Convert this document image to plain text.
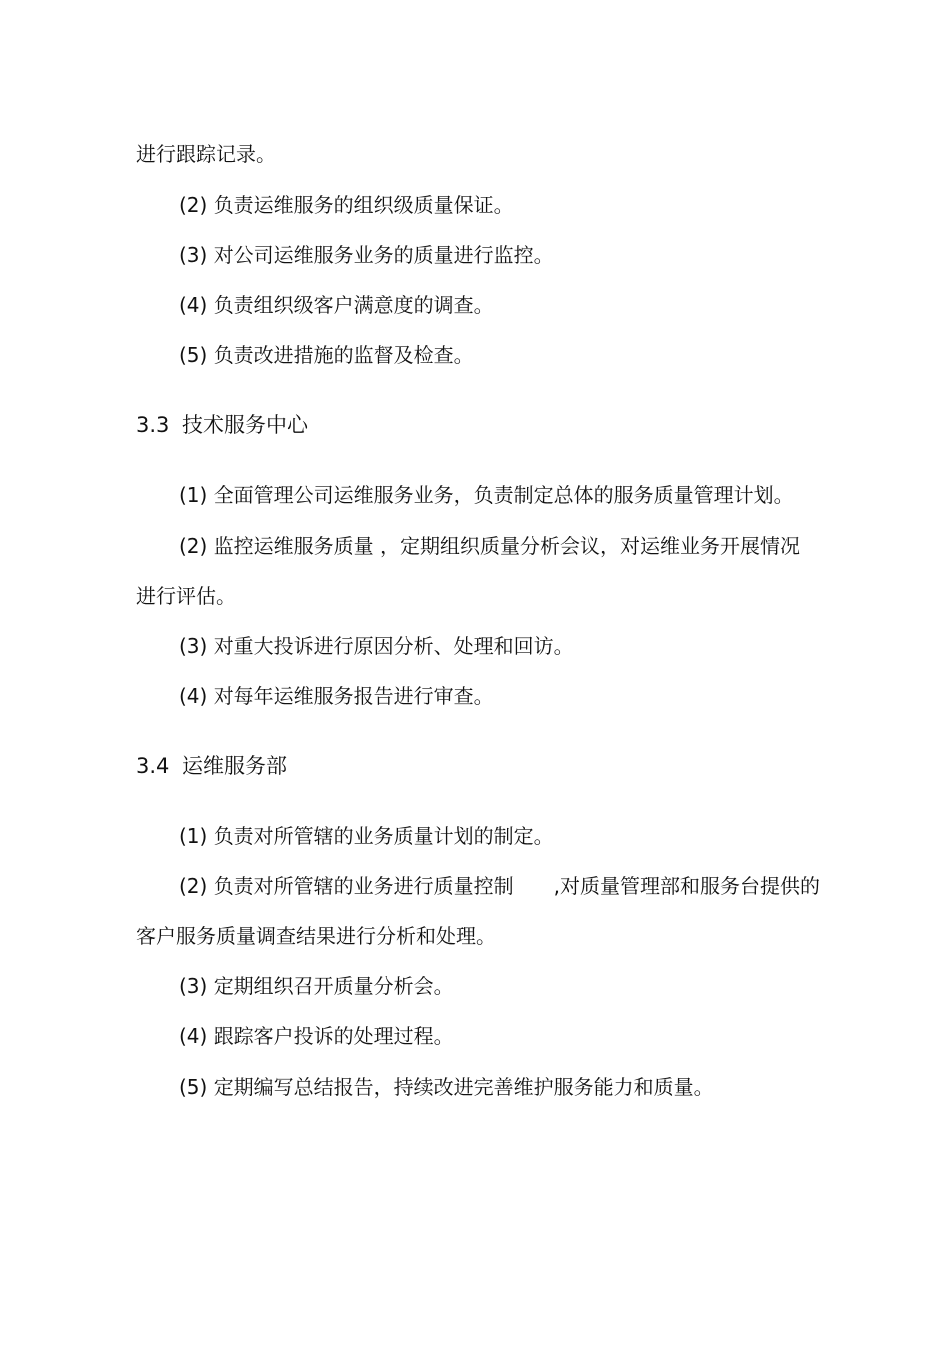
进行跟踪记录。
(2) 负责运维服务的组织级质量保证。
(3) 对公司运维服务业务的质量进行监控。
(4) 负责组织级客户满意度的调查。
(5) 负责改进措施的监督及检查。
3.3 技术服务中心
(1) 全面管理公司运维服务业务，负责制定总体的服务质量管理计划。
(2) 监控运维服务质量 ，定期组织质量分析会议，对运维业务开展情况
进行评估。
(3) 对重大投诉进行原因分析、处理和回访。
(4) 对每年运维服务报告进行审查。
3.4 运维服务部
(1) 负责对所管辖的业务质量计划的制定。
(2) 负责对所管辖的业务进行质量控制　　,对质量管理部和服务台提供的
客户服务质量调查结果进行分析和处理。
(3) 定期组织召开质量分析会。
(4) 跟踪客户投诉的处理过程。
(5) 定期编写总结报告，持续改进完善维护服务能力和质量。
